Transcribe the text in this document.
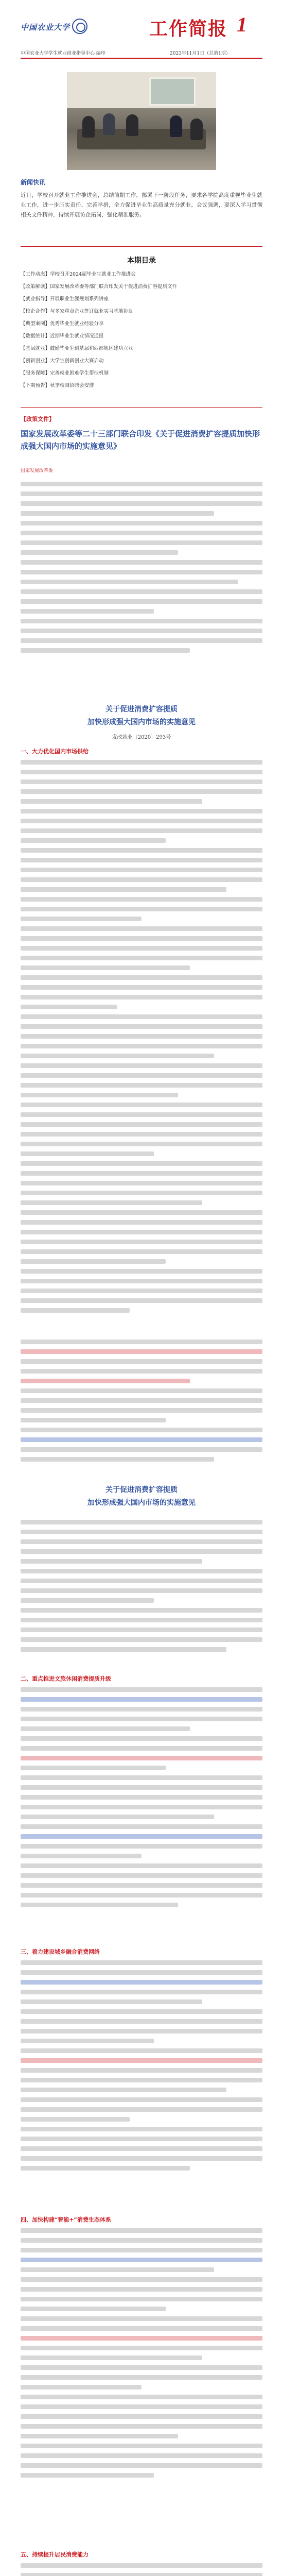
中国农业大学	工作简报 1
中国农业大学学生就业创业指导中心 编印	2023年11月1日（总第1期）
新闻快讯
近日，学校召开就业工作推进会，总结前期工作，部署下一阶段任务，要求各学院高度重视毕业生就业工作，进一步压实责任、完善举措，全力促进毕业生高质量充分就业。会议强调，要深入学习贯彻相关文件精神，持续开展访企拓岗，强化精准服务。
本期目录
【工作动态】学校召开2024届毕业生就业工作推进会
【政策解读】国家发展改革委等部门联合印发关于促进消费扩容提质文件
【就业指导】开展职业生涯规划系列讲座
【校企合作】与多家重点企业签订就业实习基地协议
【典型案例】优秀毕业生就业经验分享
【数据统计】近期毕业生就业情况通报
【基层就业】鼓励毕业生到基层和西部地区建功立业
【创新创业】大学生创新创业大赛启动
【服务保障】完善就业困难学生帮扶机制
【下期预告】秋季校园招聘会安排
【政策文件】
国家发展改革委等二十三部门联合印发《关于促进消费扩容提质加快形成强大国内市场的实施意见》
国家发展改革委
关于促进消费扩容提质
加快形成强大国内市场的实施意见
发改就业〔2020〕293号
一、大力优化国内市场供给
关于促进消费扩容提质
加快形成强大国内市场的实施意见
二、重点推进文旅休闲消费提质升级
三、着力建设城乡融合消费网络
四、加快构建“智能+”消费生态体系
五、持续提升居民消费能力
